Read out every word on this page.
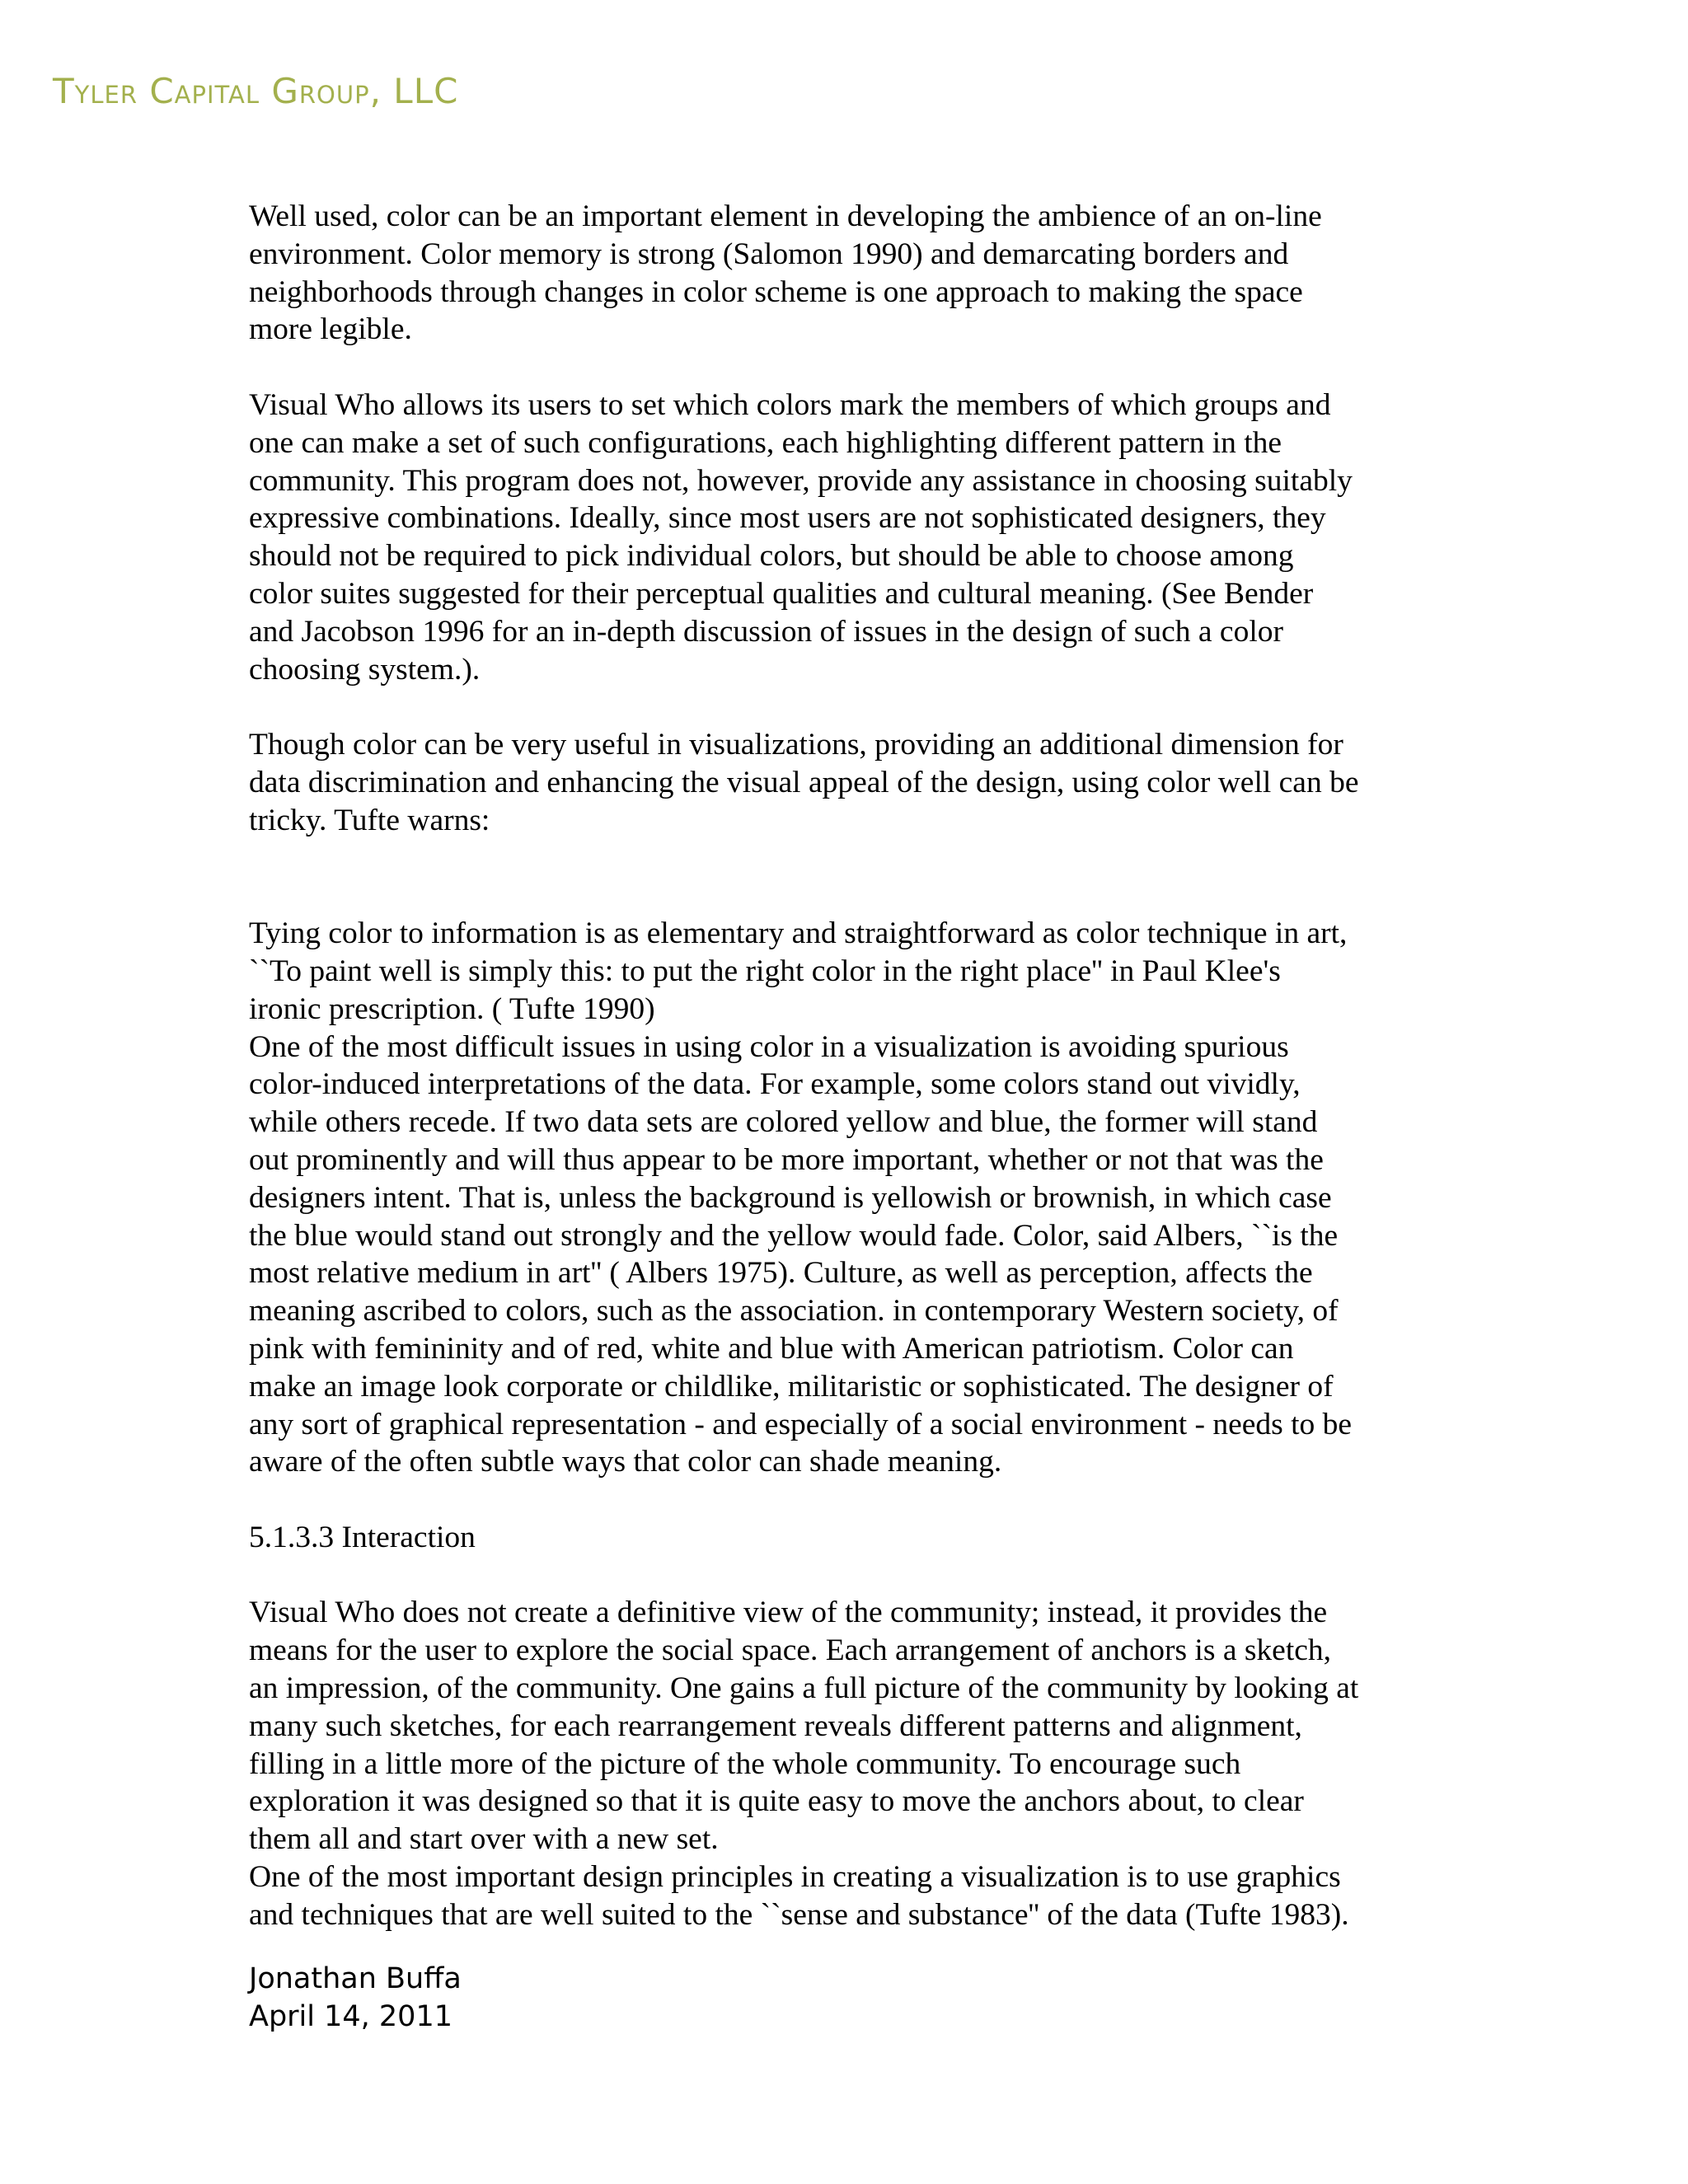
Tyler Capital Group, LLC

Well used, color can be an important element in developing the ambience of an on-line
environment. Color memory is strong (Salomon 1990) and demarcating borders and
neighborhoods through changes in color scheme is one approach to making the space
more legible.

Visual Who allows its users to set which colors mark the members of which groups and
one can make a set of such configurations, each highlighting different pattern in the
community. This program does not, however, provide any assistance in choosing suitably
expressive combinations. Ideally, since most users are not sophisticated designers, they
should not be required to pick individual colors, but should be able to choose among
color suites suggested for their perceptual qualities and cultural meaning. (See Bender
and Jacobson 1996 for an in-depth discussion of issues in the design of such a color
choosing system.).

Though color can be very useful in visualizations, providing an additional dimension for
data discrimination and enhancing the visual appeal of the design, using color well can be
tricky. Tufte warns:

Tying color to information is as elementary and straightforward as color technique in art,
``To paint well is simply this: to put the right color in the right place'' in Paul Klee's
ironic prescription. ( Tufte 1990)

One of the most difficult issues in using color in a visualization is avoiding spurious
color-induced interpretations of the data. For example, some colors stand out vividly,
while others recede. If two data sets are colored yellow and blue, the former will stand
out prominently and will thus appear to be more important, whether or not that was the
designers intent. That is, unless the background is yellowish or brownish, in which case
the blue would stand out strongly and the yellow would fade. Color, said Albers, ``is the
most relative medium in art'' ( Albers 1975). Culture, as well as perception, affects the
meaning ascribed to colors, such as the association. in contemporary Western society, of
pink with femininity and of red, white and blue with American patriotism. Color can
make an image look corporate or childlike, militaristic or sophisticated. The designer of
any sort of graphical representation - and especially of a social environment - needs to be
aware of the often subtle ways that color can shade meaning.

5.1.3.3 Interaction

Visual Who does not create a definitive view of the community; instead, it provides the
means for the user to explore the social space. Each arrangement of anchors is a sketch,
an impression, of the community. One gains a full picture of the community by looking at
many such sketches, for each rearrangement reveals different patterns and alignment,
filling in a little more of the picture of the whole community. To encourage such
exploration it was designed so that it is quite easy to move the anchors about, to clear
them all and start over with a new set.

One of the most important design principles in creating a visualization is to use graphics
and techniques that are well suited to the ``sense and substance'' of the data (Tufte 1983).

Jonathan Buffa
April 14, 2011
